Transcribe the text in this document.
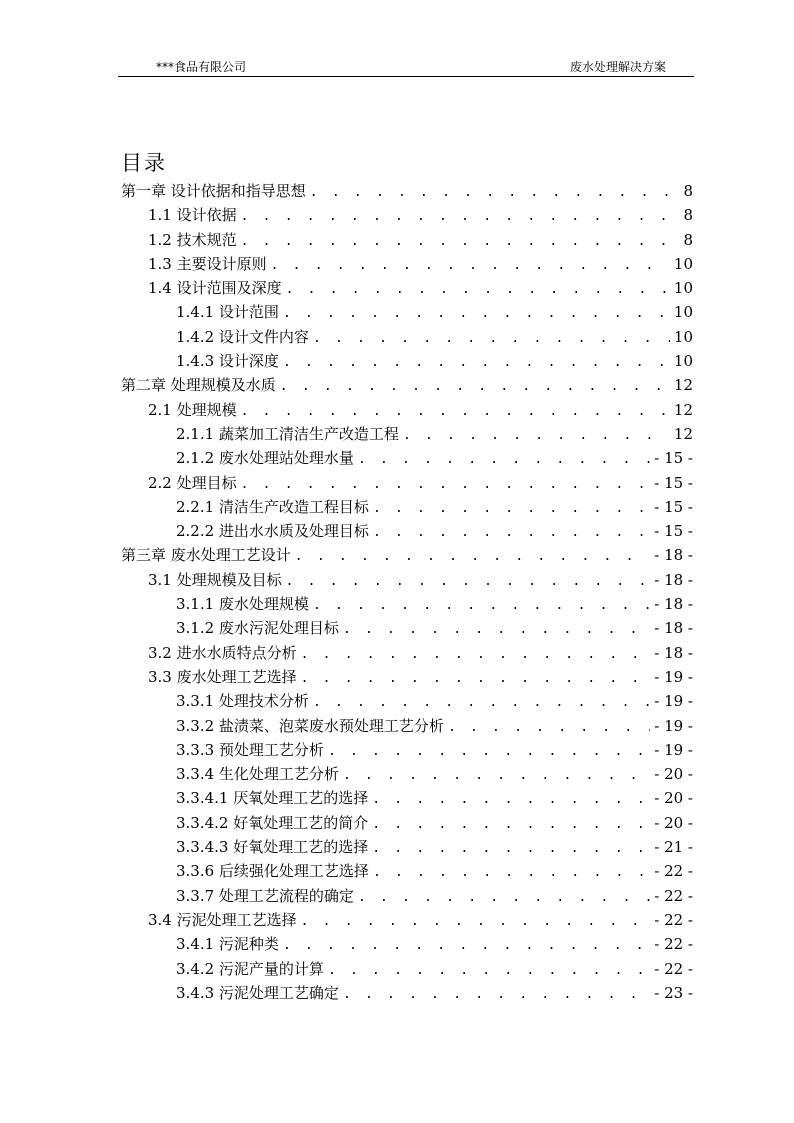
***食品有限公司	废水处理解决方案
目录
第一章 设计依据和指导思想 . . .	8
1.1 设计依据 . . .	8
1.2 技术规范 . . .	8
1.3 主要设计原则 . . .	10
1.4 设计范围及深度 . . .	10
1.4.1 设计范围 . . .	10
1.4.2 设计文件内容 . . .	10
1.4.3 设计深度 . . .	10
第二章 处理规模及水质 . . .	12
2.1 处理规模 . . .	12
2.1.1 蔬菜加工清洁生产改造工程 . . .	12
2.1.2 废水处理站处理水量 . . .	- 15 -
2.2 处理目标 . . .	- 15 -
2.2.1 清洁生产改造工程目标 . . .	- 15 -
2.2.2 进出水水质及处理目标 . . .	- 15 -
第三章 废水处理工艺设计 . . .	- 18 -
3.1 处理规模及目标 . . .	- 18 -
3.1.1 废水处理规模 . . .	- 18 -
3.1.2 废水污泥处理目标 . . .	- 18 -
3.2 进水水质特点分析 . . .	- 18 -
3.3 废水处理工艺选择 . . .	- 19 -
3.3.1 处理技术分析 . . .	- 19 -
3.3.2 盐渍菜、泡菜废水预处理工艺分析 . . .	- 19 -
3.3.3 预处理工艺分析 . . .	- 19 -
3.3.4 生化处理工艺分析 . . .	- 20 -
3.3.4.1 厌氧处理工艺的选择 . . .	- 20 -
3.3.4.2 好氧处理工艺的简介 . . .	- 20 -
3.3.4.3 好氧处理工艺的选择 . . .	- 21 -
3.3.6 后续强化处理工艺选择 . . .	- 22 -
3.3.7 处理工艺流程的确定 . . .	- 22 -
3.4 污泥处理工艺选择 . . .	- 22 -
3.4.1 污泥种类 . . .	- 22 -
3.4.2 污泥产量的计算 . . .	- 22 -
3.4.3 污泥处理工艺确定 . . .	- 23 -
